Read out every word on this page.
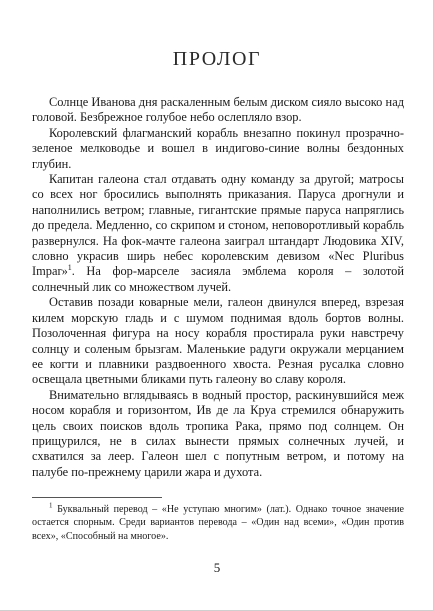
ПРОЛОГ

Солнце Иванова дня раскаленным белым диском сияло высоко над головой. Безбрежное голубое небо ослепляло взор.

Королевский флагманский корабль внезапно покинул прозрачно-зеленое мелководье и вошел в индигово-синие волны бездонных глубин.

Капитан галеона стал отдавать одну команду за другой; матросы со всех ног бросились выполнять приказания. Паруса дрогнули и наполнились ветром; главные, гигантские прямые паруса напряглись до предела. Медленно, со скрипом и стоном, неповоротливый корабль развернулся. На фок-мачте галеона заиграл штандарт Людовика XIV, словно украсив ширь небес королевским девизом «Nec Pluribus Impar»$^1$. На фор-марселе засияла эмблема короля – золотой солнечный лик со множеством лучей.

Оставив позади коварные мели, галеон двинулся вперед, взрезая килем морскую гладь и с шумом поднимая вдоль бортов волны. Позолоченная фигура на носу корабля простирала руки навстречу солнцу и соленым брызгам. Маленькие радуги окружали мерцанием ее когти и плавники раздвоенного хвоста. Резная русалка словно освещала цветными бликами путь галеону во славу короля.

Внимательно вглядываясь в водный простор, раскинувшийся меж носом корабля и горизонтом, Ив де ла Круа стремился обнаружить цель своих поисков вдоль тропика Рака, прямо под солнцем. Он прищурился, не в силах вынести прямых солнечных лучей, и схватился за леер. Галеон шел с попутным ветром, и потому на палубе по-прежнему царили жара и духота.

$^1$ Буквальный перевод – «Не уступаю многим» (лат.). Однако точное значение остается спорным. Среди вариантов перевода – «Один над всеми», «Один против всех», «Способный на многое».
5
